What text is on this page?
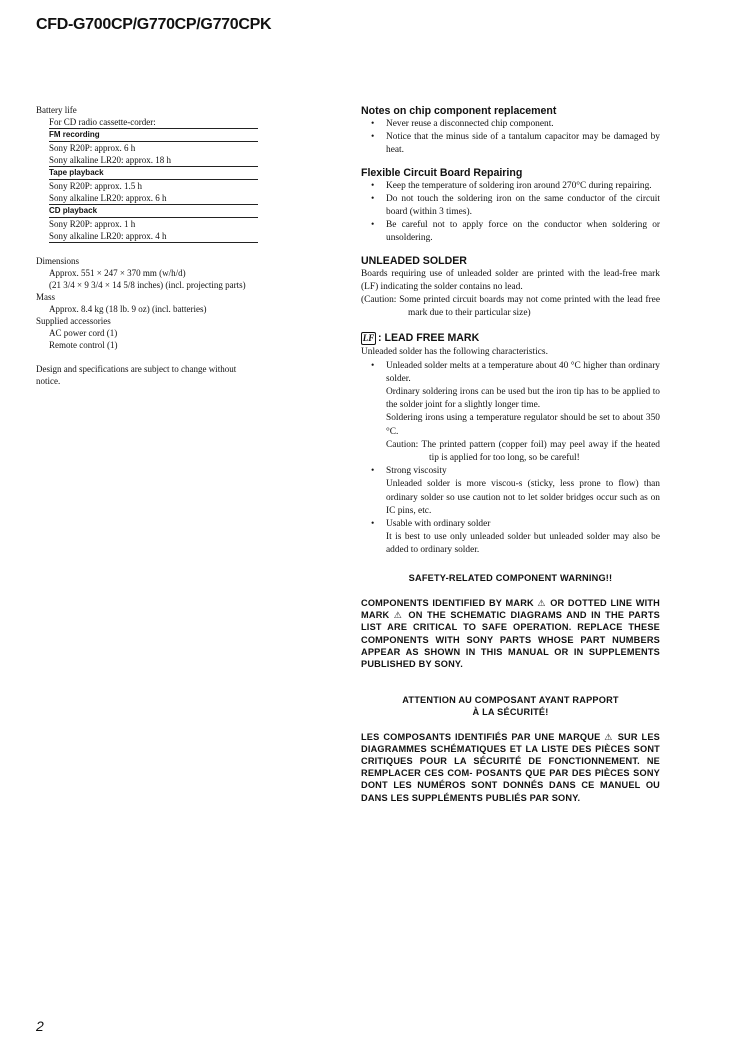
CFD-G700CP/G770CP/G770CPK
Battery life
For CD radio cassette-corder:
FM recording
Sony R20P: approx. 6 h
Sony alkaline LR20: approx. 18 h
Tape playback
Sony R20P: approx. 1.5 h
Sony alkaline LR20: approx. 6 h
CD playback
Sony R20P: approx. 1 h
Sony alkaline LR20: approx. 4 h
Dimensions
Approx. 551 × 247 × 370 mm (w/h/d)
(21 3/4 × 9 3/4 × 14 5/8 inches) (incl. projecting parts)
Mass
Approx. 8.4 kg (18 lb. 9 oz) (incl. batteries)
Supplied accessories
AC power cord (1)
Remote control (1)
Design and specifications are subject to change without notice.
Notes on chip component replacement
• Never reuse a disconnected chip component.
• Notice that the minus side of a tantalum capacitor may be damaged by heat.
Flexible Circuit Board Repairing
• Keep the temperature of soldering iron around 270°C during repairing.
• Do not touch the soldering iron on the same conductor of the circuit board (within 3 times).
• Be careful not to apply force on the conductor when soldering or unsoldering.
UNLEADED SOLDER
Boards requiring use of unleaded solder are printed with the lead-free mark (LF) indicating the solder contains no lead.
(Caution: Some printed circuit boards may not come printed with the lead free mark due to their particular size)
LF : LEAD FREE MARK
Unleaded solder has the following characteristics.
• Unleaded solder melts at a temperature about 40 °C higher than ordinary solder.
Ordinary soldering irons can be used but the iron tip has to be applied to the solder joint for a slightly longer time.
Soldering irons using a temperature regulator should be set to about 350 °C.
Caution: The printed pattern (copper foil) may peel away if the heated tip is applied for too long, so be careful!
• Strong viscosity
Unleaded solder is more viscou-s (sticky, less prone to flow) than ordinary solder so use caution not to let solder bridges occur such as on IC pins, etc.
• Usable with ordinary solder
It is best to use only unleaded solder but unleaded solder may also be added to ordinary solder.
SAFETY-RELATED COMPONENT WARNING!!
COMPONENTS IDENTIFIED BY MARK ⚠ OR DOTTED LINE WITH MARK ⚠ ON THE SCHEMATIC DIAGRAMS AND IN THE PARTS LIST ARE CRITICAL TO SAFE OPERATION. REPLACE THESE COMPONENTS WITH SONY PARTS WHOSE PART NUMBERS APPEAR AS SHOWN IN THIS MANUAL OR IN SUPPLEMENTS PUBLISHED BY SONY.
ATTENTION AU COMPOSANT AYANT RAPPORT
À LA SÉCURITÉ!
LES COMPOSANTS IDENTIFIÉS PAR UNE MARQUE ⚠ SUR LES DIAGRAMMES SCHÉMATIQUES ET LA LISTE DES PIÈCES SONT CRITIQUES POUR LA SÉCURITÉ DE FONCTIONNEMENT. NE REMPLACER CES COM- POSANTS QUE PAR DES PIÈCES SONY DONT LES NUMÉROS SONT DONNÉS DANS CE MANUEL OU DANS LES SUPPLÉMENTS PUBLIÉS PAR SONY.
2
